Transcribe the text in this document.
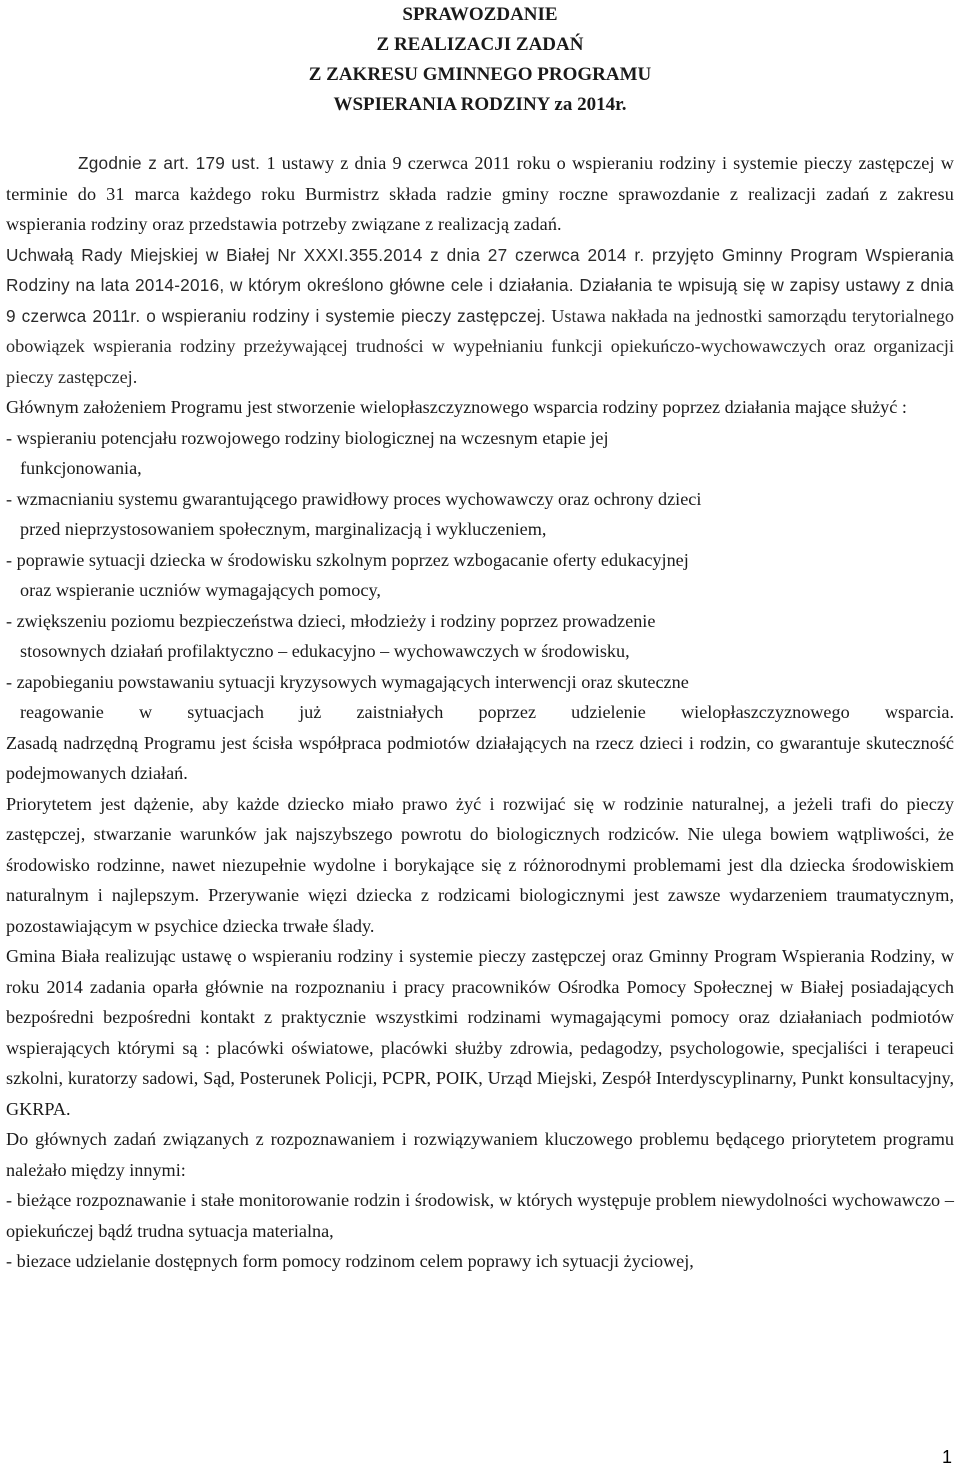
SPRAWOZDANIE
Z REALIZACJI ZADAŃ
Z ZAKRESU GMINNEGO PROGRAMU
WSPIERANIA RODZINY za 2014r.

Zgodnie z art. 179 ust. 1 ustawy z dnia 9 czerwca 2011 roku o wspieraniu rodziny i systemie pieczy zastępczej w terminie do 31 marca każdego roku Burmistrz składa radzie gminy roczne sprawozdanie z realizacji zadań z zakresu wspierania rodziny oraz przedstawia potrzeby związane z realizacją zadań.

Uchwałą Rady Miejskiej w Białej Nr XXXI.355.2014 z dnia 27 czerwca 2014 r. przyjęto Gminny Program Wspierania Rodziny na lata 2014-2016, w którym określono główne cele i działania. Działania te wpisują się w zapisy ustawy z dnia 9 czerwca 2011r. o wspieraniu rodziny i systemie pieczy zastępczej. Ustawa nakłada na jednostki samorządu terytorialnego obowiązek wspierania rodziny przeżywającej trudności w wypełnianiu funkcji opiekuńczo-wychowawczych oraz organizacji pieczy zastępczej.

Głównym założeniem Programu jest stworzenie wielopłaszczyznowego wsparcia rodziny poprzez działania mające służyć :

- wspieraniu potencjału rozwojowego rodziny biologicznej na wczesnym etapie jej

funkcjonowania,

- wzmacnianiu systemu gwarantującego prawidłowy proces wychowawczy oraz ochrony dzieci

przed nieprzystosowaniem społecznym, marginalizacją i wykluczeniem,

- poprawie sytuacji dziecka w środowisku szkolnym poprzez wzbogacanie oferty edukacyjnej

oraz wspieranie uczniów wymagających pomocy,

- zwiększeniu poziomu bezpieczeństwa dzieci, młodzieży i rodziny poprzez prowadzenie

stosownych działań profilaktyczno – edukacyjno – wychowawczych w środowisku,

- zapobieganiu powstawaniu sytuacji kryzysowych wymagających interwencji oraz skuteczne

reagowanie w sytuacjach już zaistniałych poprzez udzielenie wielopłaszczyznowego wsparcia.

Zasadą nadrzędną Programu jest ścisła współpraca podmiotów działających na rzecz dzieci i rodzin, co gwarantuje skuteczność podejmowanych działań.

Priorytetem jest dążenie, aby każde dziecko miało prawo żyć i rozwijać się w rodzinie naturalnej, a jeżeli trafi do pieczy zastępczej, stwarzanie warunków jak najszybszego powrotu do biologicznych rodziców. Nie ulega bowiem wątpliwości, że środowisko rodzinne, nawet niezupełnie wydolne i borykające się z różnorodnymi problemami jest dla dziecka środowiskiem naturalnym i najlepszym. Przerywanie więzi dziecka z rodzicami biologicznymi jest zawsze wydarzeniem traumatycznym, pozostawiającym w psychice dziecka trwałe ślady.

Gmina Biała realizując ustawę o wspieraniu rodziny i systemie pieczy zastępczej oraz Gminny Program Wspierania Rodziny, w roku 2014 zadania oparła głównie na rozpoznaniu i pracy pracowników Ośrodka Pomocy Społecznej w Białej posiadających bezpośredni bezpośredni kontakt z praktycznie wszystkimi rodzinami wymagającymi pomocy oraz działaniach podmiotów wspierających którymi są : placówki oświatowe, placówki służby zdrowia, pedagodzy, psychologowie, specjaliści i terapeuci szkolni, kuratorzy sadowi, Sąd, Posterunek Policji, PCPR, POIK, Urząd Miejski, Zespół Interdyscyplinarny, Punkt konsultacyjny, GKRPA.

Do głównych zadań związanych z rozpoznawaniem i rozwiązywaniem kluczowego problemu będącego priorytetem programu należało między innymi:

- bieżące rozpoznawanie i stałe monitorowanie rodzin i środowisk, w których występuje problem niewydolności wychowawczo – opiekuńczej bądź trudna sytuacja materialna,

- biezace udzielanie dostępnych form pomocy rodzinom celem poprawy ich sytuacji życiowej,

1
